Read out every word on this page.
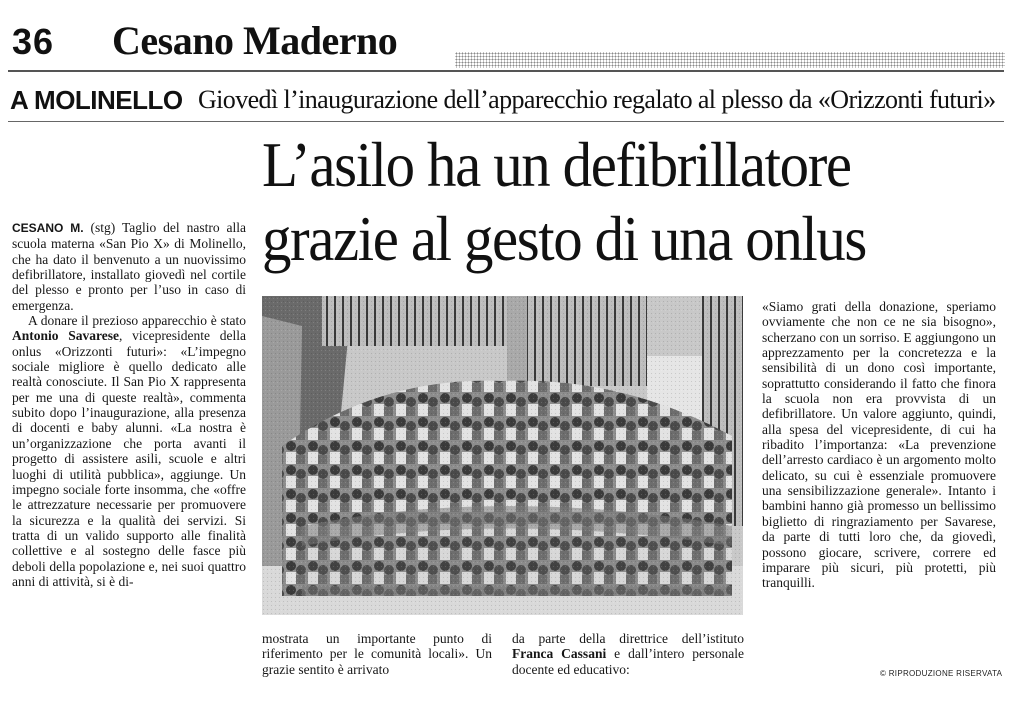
36 Cesano Maderno
A MOLINELLO Giovedì l’inaugurazione dell’apparecchio regalato al plesso da «Orizzonti futuri»
L’asilo ha un defibrillatore
grazie al gesto di una onlus

CESANO M. (stg) Taglio del nastro alla scuola materna «San Pio X» di Molinello, che ha dato il benvenuto a un nuovissimo defibrillatore, installato giovedì nel cortile del plesso e pronto per l’uso in caso di emergenza.

A donare il prezioso apparecchio è stato Antonio Savarese, vicepresidente della onlus «Orizzonti futuri»: «L’impegno sociale migliore è quello dedicato alle realtà conosciute. Il San Pio X rappresenta per me una di queste realtà», commenta subito dopo l’inaugurazione, alla presenza di docenti e baby alunni. «La nostra è un’organizzazione che porta avanti il progetto di assistere asili, scuole e altri luoghi di utilità pubblica», aggiunge. Un impegno sociale forte insomma, che «offre le attrezzature necessarie per promuovere la sicurezza e la qualità dei servizi. Si tratta di un valido supporto alle finalità collettive e al sostegno delle fasce più deboli della popolazione e, nei suoi quattro anni di attività, si è di-

mostrata un importante punto di riferimento per le comunità locali». Un grazie sentito è arrivato

da parte della direttrice dell’istituto Franca Cassani e dall’intero personale docente ed educativo:

«Siamo grati della donazione, speriamo ovviamente che non ce ne sia bisogno», scherzano con un sorriso. E aggiungono un apprezzamento per la concretezza e la sensibilità di un dono così importante, soprattutto considerando il fatto che finora la scuola non era provvista di un defibrillatore. Un valore aggiunto, quindi, alla spesa del vicepresidente, di cui ha ribadito l’importanza: «La prevenzione dell’arresto cardiaco è un argomento molto delicato, su cui è essenziale promuovere una sensibilizzazione generale». Intanto i bambini hanno già promesso un bellissimo biglietto di ringraziamento per Savarese, da parte di tutti loro che, da giovedì, possono giocare, scrivere, correre ed imparare più sicuri, più protetti, più tranquilli.

© RIPRODUZIONE RISERVATA
